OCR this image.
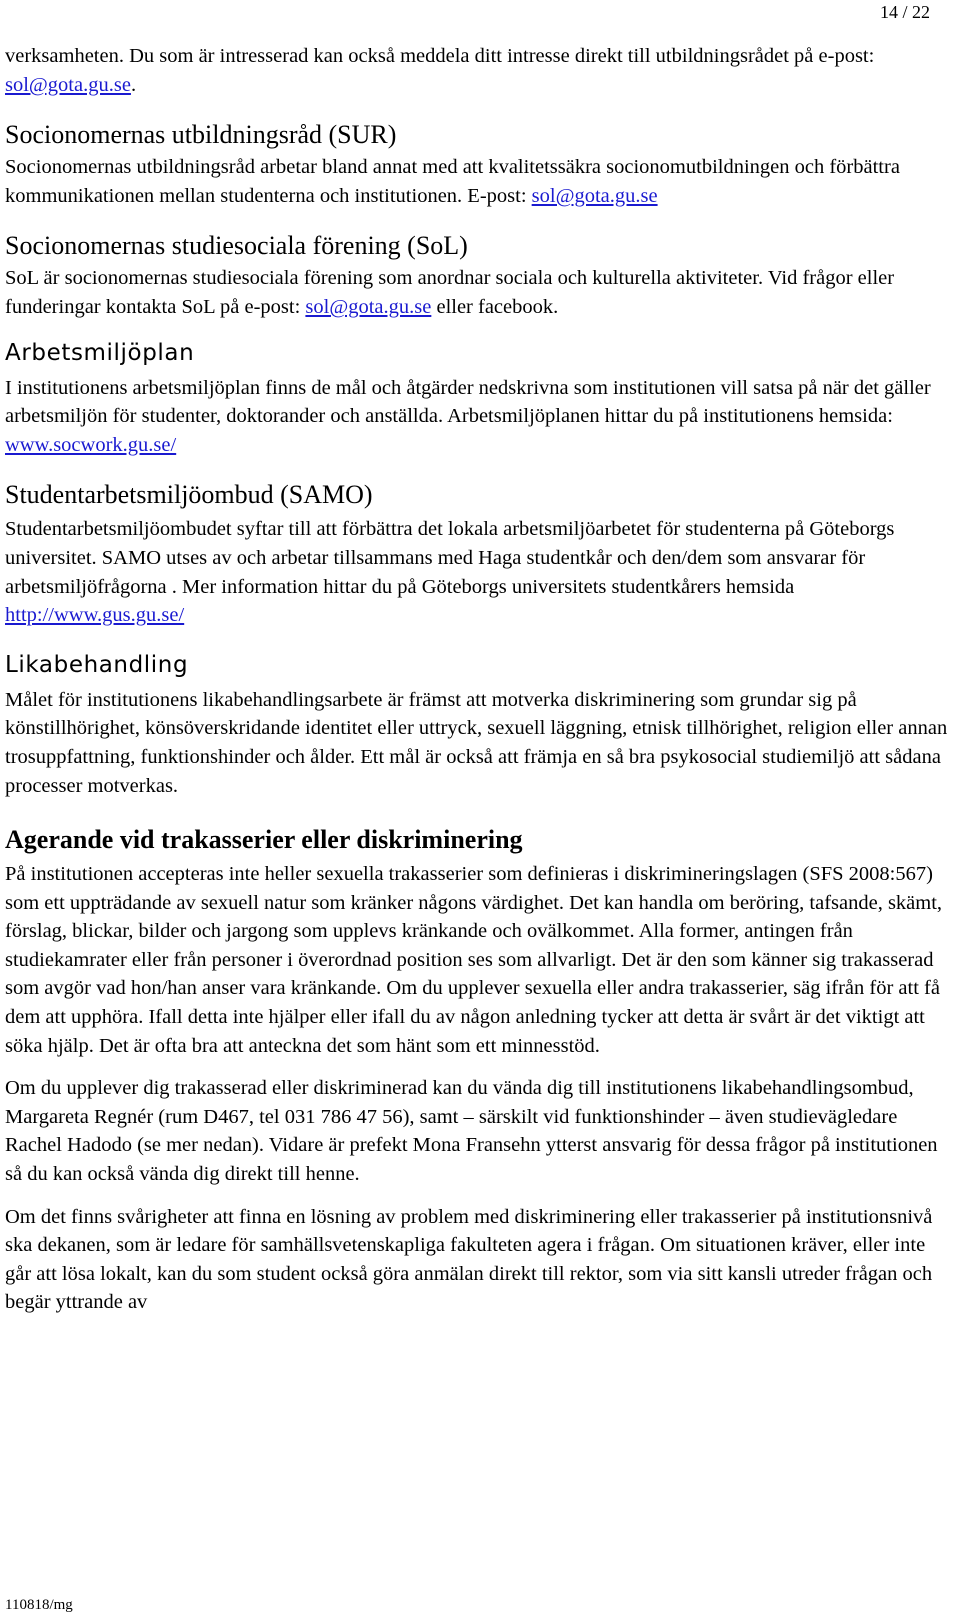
14 / 22

verksamheten. Du som är intresserad kan också meddela ditt intresse direkt till utbildningsrådet på e-post: sol@gota.gu.se.

Socionomernas utbildningsråd (SUR)

Socionomernas utbildningsråd arbetar bland annat med att kvalitetssäkra socionomutbildningen och förbättra kommunikationen mellan studenterna och institutionen. E-post: sol@gota.gu.se

Socionomernas studiesociala förening (SoL)

SoL är socionomernas studiesociala förening som anordnar sociala och kulturella aktiviteter. Vid frågor eller funderingar kontakta SoL på e-post: sol@gota.gu.se eller facebook.

Arbetsmiljöplan

I institutionens arbetsmiljöplan finns de mål och åtgärder nedskrivna som institutionen vill satsa på när det gäller arbetsmiljön för studenter, doktorander och anställda. Arbetsmiljöplanen hittar du på institutionens hemsida: www.socwork.gu.se/

Studentarbetsmiljöombud (SAMO)

Studentarbetsmiljöombudet syftar till att förbättra det lokala arbetsmiljöarbetet för studenterna på Göteborgs universitet. SAMO utses av och arbetar tillsammans med Haga studentkår och den/dem som ansvarar för arbetsmiljöfrågorna . Mer information hittar du på Göteborgs universitets studentkårers hemsida http://www.gus.gu.se/

Likabehandling

Målet för institutionens likabehandlingsarbete är främst att motverka diskriminering som grundar sig på könstillhörighet, könsöverskridande identitet eller uttryck, sexuell läggning, etnisk tillhörighet, religion eller annan trosuppfattning, funktionshinder och ålder. Ett mål är också att främja en så bra psykosocial studiemiljö att sådana processer motverkas.

Agerande vid trakasserier eller diskriminering

På institutionen accepteras inte heller sexuella trakasserier som definieras i diskrimineringslagen (SFS 2008:567) som ett uppträdande av sexuell natur som kränker någons värdighet. Det kan handla om beröring, tafsande, skämt, förslag, blickar, bilder och jargong som upplevs kränkande och ovälkommet. Alla former, antingen från studiekamrater eller från personer i överordnad position ses som allvarligt. Det är den som känner sig trakasserad som avgör vad hon/han anser vara kränkande. Om du upplever sexuella eller andra trakasserier, säg ifrån för att få dem att upphöra. Ifall detta inte hjälper eller ifall du av någon anledning tycker att detta är svårt är det viktigt att söka hjälp. Det är ofta bra att anteckna det som hänt som ett minnesstöd.

Om du upplever dig trakasserad eller diskriminerad kan du vända dig till institutionens likabehandlingsombud, Margareta Regnér (rum D467, tel 031 786 47 56), samt – särskilt vid funktionshinder – även studievägledare Rachel Hadodo (se mer nedan). Vidare är prefekt Mona Fransehn ytterst ansvarig för dessa frågor på institutionen så du kan också vända dig direkt till henne.

Om det finns svårigheter att finna en lösning av problem med diskriminering eller trakasserier på institutionsnivå ska dekanen, som är ledare för samhällsvetenskapliga fakulteten agera i frågan. Om situationen kräver, eller inte går att lösa lokalt, kan du som student också göra anmälan direkt till rektor, som via sitt kansli utreder frågan och begär yttrande av

110818/mg
